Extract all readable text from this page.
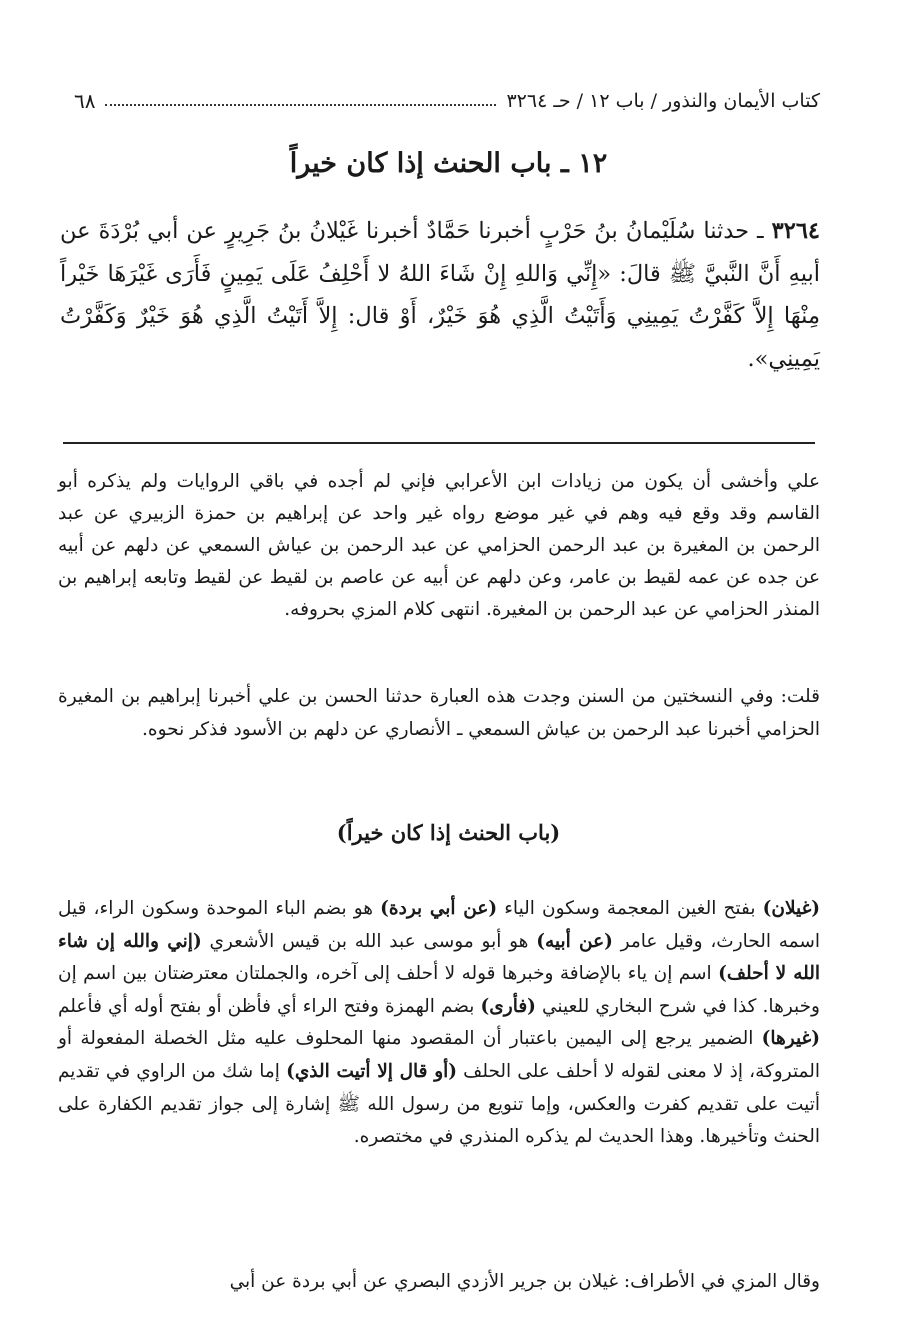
كتاب الأيمان والنذور / باب ١٢ / حـ ٣٢٦٤
٦٨
١٢ ـ باب الحنث إذا كان خيراً
٣٢٦٤ ـ حدثنا سُلَيْمانُ بنُ حَرْبٍ أخبرنا حَمَّادٌ أخبرنا غَيْلانُ بنُ جَرِيرٍ عن أبي بُرْدَةَ عن أبيهِ أَنَّ النَّبيَّ ﷺ قالَ: «إِنِّي وَاللهِ إِنْ شَاءَ اللهُ لا أَحْلِفُ عَلَى يَمِينٍ فَأَرَى غَيْرَهَا خَيْراً مِنْهَا إِلاَّ كَفَّرْتُ يَمِينِي وَأَتَيْتُ الَّذِي هُوَ خَيْرٌ، أَوْ قال: إِلاَّ أَتَيْتُ الَّذِي هُوَ خَيْرٌ وَكَفَّرْتُ يَمِينِي».
علي وأخشى أن يكون من زيادات ابن الأعرابي فإني لم أجده في باقي الروايات ولم يذكره أبو القاسم وقد وقع فيه وهم في غير موضع رواه غير واحد عن إبراهيم بن حمزة الزبيري عن عبد الرحمن بن المغيرة بن عبد الرحمن الحزامي عن عبد الرحمن بن عياش السمعي عن دلهم عن أبيه عن جده عن عمه لقيط بن عامر، وعن دلهم عن أبيه عن عاصم بن لقيط عن لقيط وتابعه إبراهيم بن المنذر الحزامي عن عبد الرحمن بن المغيرة. انتهى كلام المزي بحروفه.
قلت: وفي النسختين من السنن وجدت هذه العبارة حدثنا الحسن بن علي أخبرنا إبراهيم بن المغيرة الحزامي أخبرنا عبد الرحمن بن عياش السمعي ـ الأنصاري عن دلهم بن الأسود فذكر نحوه.
(باب الحنث إذا كان خيراً)
(غيلان) بفتح الغين المعجمة وسكون الياء (عن أبي بردة) هو بضم الباء الموحدة وسكون الراء، قيل اسمه الحارث، وقيل عامر (عن أبيه) هو أبو موسى عبد الله بن قيس الأشعري (إني والله إن شاء الله لا أحلف) اسم إن ياء بالإضافة وخبرها قوله لا أحلف إلى آخره، والجملتان معترضتان بين اسم إن وخبرها. كذا في شرح البخاري للعيني (فأرى) بضم الهمزة وفتح الراء أي فأظن أو بفتح أوله أي فأعلم (غيرها) الضمير يرجع إلى اليمين باعتبار أن المقصود منها المحلوف عليه مثل الخصلة المفعولة أو المتروكة، إذ لا معنى لقوله لا أحلف على الحلف (أو قال إلا أتيت الذي) إما شك من الراوي في تقديم أتيت على تقديم كفرت والعكس، وإما تنويع من رسول الله ﷺ إشارة إلى جواز تقديم الكفارة على الحنث وتأخيرها. وهذا الحديث لم يذكره المنذري في مختصره.
وقال المزي في الأطراف: غيلان بن جرير الأزدي البصري عن أبي بردة عن أبي
